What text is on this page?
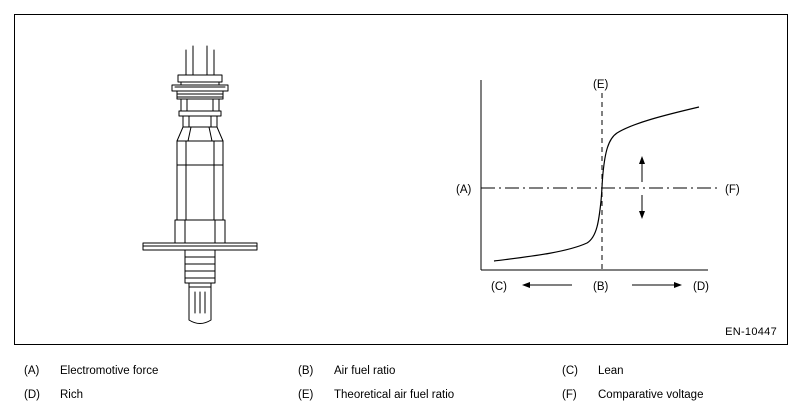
(E)
(A)	(F)
(C)	(B)	(D)
EN-10447
(A) Electromotive force	(B) Air fuel ratio	(C) Lean
(D) Rich	(E) Theoretical air fuel ratio	(F) Comparative voltage
